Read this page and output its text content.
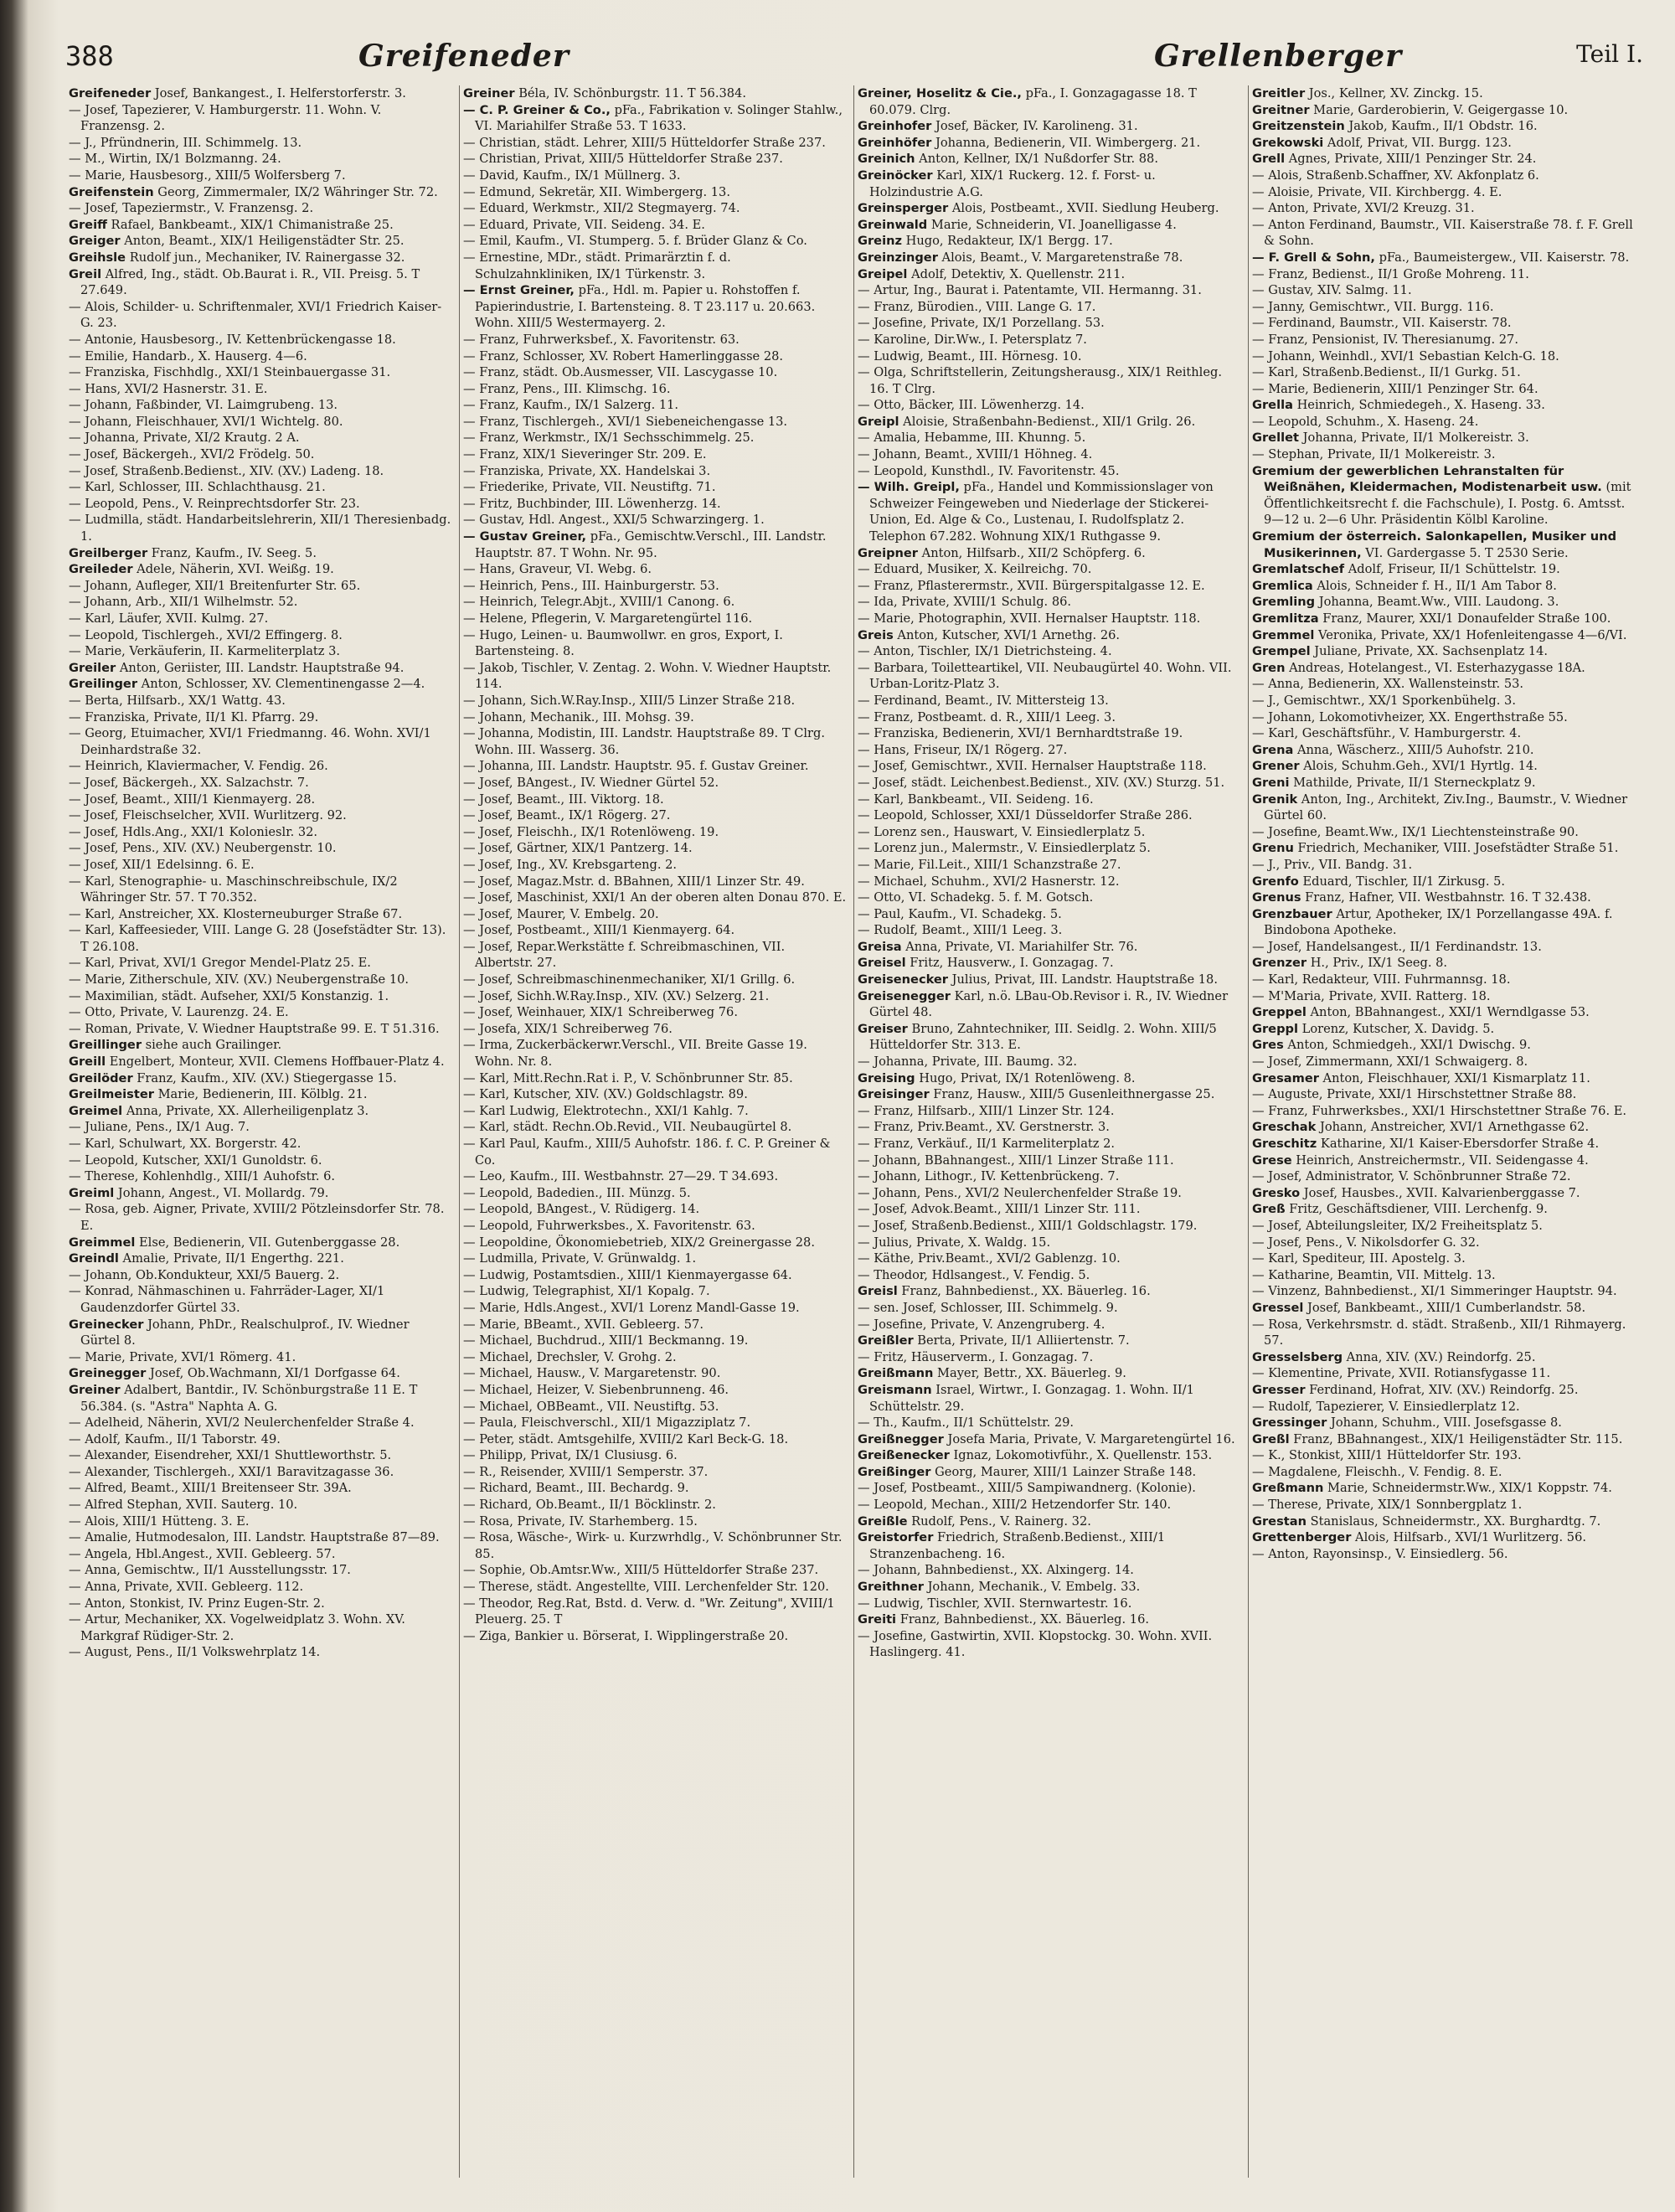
388	Greifeneder	Grellenberger	Teil I.
Greifeneder Josef, Bankangest., I. Helferstorferstr. 3.
— Josef, Tapezierer, V. Hamburgerstr. 11. Wohn. V. Franzensg. 2.
— J., Pfründnerin, III. Schimmelg. 13.
— M., Wirtin, IX/1 Bolzmanng. 24.
— Marie, Hausbesorg., XIII/5 Wolfersberg 7.
Greifenstein Georg, Zimmermaler, IX/2 Währinger Str. 72.
— Josef, Tapeziermstr., V. Franzensg. 2.
Greiff Rafael, Bankbeamt., XIX/1 Chimanistraße 25.
Greiger Anton, Beamt., XIX/1 Heiligenstädter Str. 25.
Greihsle Rudolf jun., Mechaniker, IV. Rainergasse 32.
Greil Alfred, Ing., städt. Ob.Baurat i. R., VII. Preisg. 5. T 27.649.
— Alois, Schilder- u. Schriftenmaler, XVI/1 Friedrich Kaiser-G. 23.
— Antonie, Hausbesorg., IV. Kettenbrückengasse 18.
— Emilie, Handarb., X. Hauserg. 4—6.
— Franziska, Fischhdlg., XXI/1 Steinbauergasse 31.
— Hans, XVI/2 Hasnerstr. 31. E.
— Johann, Faßbinder, VI. Laimgrubeng. 13.
— Johann, Fleischhauer, XVI/1 Wichtelg. 80.
— Johanna, Private, XI/2 Krautg. 2 A.
— Josef, Bäckergeh., XVI/2 Frödelg. 50.
— Josef, Straßenb.Bedienst., XIV. (XV.) Ladeng. 18.
— Karl, Schlosser, III. Schlachthausg. 21.
— Leopold, Pens., V. Reinprechtsdorfer Str. 23.
— Ludmilla, städt. Handarbeitslehrerin, XII/1 Theresienbadg. 1.
Greilberger Franz, Kaufm., IV. Seeg. 5.
Greileder Adele, Näherin, XVI. Weißg. 19.
— Johann, Aufleger, XII/1 Breitenfurter Str. 65.
— Johann, Arb., XII/1 Wilhelmstr. 52.
— Karl, Läufer, XVII. Kulmg. 27.
— Leopold, Tischlergeh., XVI/2 Effingerg. 8.
— Marie, Verkäuferin, II. Karmeliterplatz 3.
Greiler Anton, Geriister, III. Landstr. Hauptstraße 94.
Greilinger Anton, Schlosser, XV. Clementinengasse 2—4.
— Berta, Hilfsarb., XX/1 Wattg. 43.
— Franziska, Private, II/1 Kl. Pfarrg. 29.
— Georg, Etuimacher, XVI/1 Friedmanng. 46. Wohn. XVI/1 Deinhardstraße 32.
— Heinrich, Klaviermacher, V. Fendig. 26.
— Josef, Bäckergeh., XX. Salzachstr. 7.
— Josef, Beamt., XIII/1 Kienmayerg. 28.
— Josef, Fleischselcher, XVII. Wurlitzerg. 92.
— Josef, Hdls.Ang., XXI/1 Kolonieslr. 32.
— Josef, Pens., XIV. (XV.) Neubergenstr. 10.
— Josef, XII/1 Edelsinng. 6. E.
— Karl, Stenographie- u. Maschinschreibschule, IX/2 Währinger Str. 57. T 70.352.
— Karl, Anstreicher, XX. Klosterneuburger Straße 67.
— Karl, Kaffeesieder, VIII. Lange G. 28 (Josefstädter Str. 13). T 26.108.
— Karl, Privat, XVI/1 Gregor Mendel-Platz 25. E.
— Marie, Zitherschule, XIV. (XV.) Neubergenstraße 10.
— Maximilian, städt. Aufseher, XXI/5 Konstanzig. 1.
— Otto, Private, V. Laurenzg. 24. E.
— Roman, Private, V. Wiedner Hauptstraße 99. E. T 51.316.
Greillinger siehe auch Grailinger.
Greill Engelbert, Monteur, XVII. Clemens Hoffbauer-Platz 4.
Greilöder Franz, Kaufm., XIV. (XV.) Stiegergasse 15.
Greilmeister Marie, Bedienerin, III. Kölblg. 21.
Greimel Anna, Private, XX. Allerheiligenplatz 3.
— Juliane, Pens., IX/1 Aug. 7.
— Karl, Schulwart, XX. Borgerstr. 42.
— Leopold, Kutscher, XXI/1 Gunoldstr. 6.
— Therese, Kohlenhdlg., XIII/1 Auhofstr. 6.
Greiml Johann, Angest., VI. Mollardg. 79.
— Rosa, geb. Aigner, Private, XVIII/2 Pötzleinsdorfer Str. 78. E.
Greimmel Else, Bedienerin, VII. Gutenberggasse 28.
Greindl Amalie, Private, II/1 Engerthg. 221.
— Johann, Ob.Kondukteur, XXI/5 Bauerg. 2.
— Konrad, Nähmaschinen u. Fahrräder-Lager, XI/1 Gaudenzdorfer Gürtel 33.
Greinecker Johann, PhDr., Realschulprof., IV. Wiedner Gürtel 8.
— Marie, Private, XVI/1 Römerg. 41.
Greinegger Josef, Ob.Wachmann, XI/1 Dorfgasse 64.
Greiner Adalbert, Bantdir., IV. Schönburgstraße 11 E. T 56.384. (s. "Astra" Naphta A. G.
— Adelheid, Näherin, XVI/2 Neulerchenfelder Straße 4.
— Adolf, Kaufm., II/1 Taborstr. 49.
— Alexander, Eisendreher, XXI/1 Shuttleworthstr. 5.
— Alexander, Tischlergeh., XXI/1 Baravitzagasse 36.
— Alfred, Beamt., XIII/1 Breitenseer Str. 39A.
— Alfred Stephan, XVII. Sauterg. 10.
— Alois, XIII/1 Hütteng. 3. E.
— Amalie, Hutmodesalon, III. Landstr. Hauptstraße 87—89.
— Angela, Hbl.Angest., XVII. Gebleerg. 57.
— Anna, Gemischtw., II/1 Ausstellungsstr. 17.
— Anna, Private, XVII. Gebleerg. 112.
— Anton, Stonkist, IV. Prinz Eugen-Str. 2.
— Artur, Mechaniker, XX. Vogelweidplatz 3. Wohn. XV. Markgraf Rüdiger-Str. 2.
— August, Pens., II/1 Volkswehrplatz 14.
Greiner Béla, IV. Schönburgstr. 11. T 56.384.
— C. P. Greiner & Co., pFa., Fabrikation v. Solinger Stahlw., VI. Mariahilfer Straße 53. T 1633.
— Christian, städt. Lehrer, XIII/5 Hütteldorfer Straße 237.
— Christian, Privat, XIII/5 Hütteldorfer Straße 237.
— David, Kaufm., IX/1 Müllnerg. 3.
— Edmund, Sekretär, XII. Wimbergerg. 13.
— Eduard, Werkmstr., XII/2 Stegmayerg. 74.
— Eduard, Private, VII. Seideng. 34. E.
— Emil, Kaufm., VI. Stumperg. 5. f. Brüder Glanz & Co.
— Ernestine, MDr., städt. Primarärztin f. d. Schulzahnkliniken, IX/1 Türkenstr. 3.
— Ernst Greiner, pFa., Hdl. m. Papier u. Rohstoffen f. Papierindustrie, I. Bartensteing. 8. T 23.117 u. 20.663. Wohn. XIII/5 Westermayerg. 2.
— Franz, Fuhrwerksbef., X. Favoritenstr. 63.
— Franz, Schlosser, XV. Robert Hamerlinggasse 28.
— Franz, städt. Ob.Ausmesser, VII. Lascygasse 10.
— Franz, Pens., III. Klimschg. 16.
— Franz, Kaufm., IX/1 Salzerg. 11.
— Franz, Tischlergeh., XVI/1 Siebeneichengasse 13.
— Franz, Werkmstr., IX/1 Sechsschimmelg. 25.
— Franz, XIX/1 Sieveringer Str. 209. E.
— Franziska, Private, XX. Handelskai 3.
— Friederike, Private, VII. Neustiftg. 71.
— Fritz, Buchbinder, III. Löwenherzg. 14.
— Gustav, Hdl. Angest., XXI/5 Schwarzingerg. 1.
— Gustav Greiner, pFa., Gemischtw.Verschl., III. Landstr. Hauptstr. 87. T Wohn. Nr. 95.
— Hans, Graveur, VI. Webg. 6.
— Heinrich, Pens., III. Hainburgerstr. 53.
— Heinrich, Telegr.Abjt., XVIII/1 Canong. 6.
— Helene, Pflegerin, V. Margaretengürtel 116.
— Hugo, Leinen- u. Baumwollwr. en gros, Export, I. Bartensteing. 8.
— Jakob, Tischler, V. Zentag. 2. Wohn. V. Wiedner Hauptstr. 114.
— Johann, Sich.W.Ray.Insp., XIII/5 Linzer Straße 218.
— Johann, Mechanik., III. Mohsg. 39.
— Johanna, Modistin, III. Landstr. Hauptstraße 89. T Clrg. Wohn. III. Wasserg. 36.
— Johanna, III. Landstr. Hauptstr. 95. f. Gustav Greiner.
— Josef, BAngest., IV. Wiedner Gürtel 52.
— Josef, Beamt., III. Viktorg. 18.
— Josef, Beamt., IX/1 Rögerg. 27.
— Josef, Fleischh., IX/1 Rotenlöweng. 19.
— Josef, Gärtner, XIX/1 Pantzerg. 14.
— Josef, Ing., XV. Krebsgarteng. 2.
— Josef, Magaz.Mstr. d. BBahnen, XIII/1 Linzer Str. 49.
— Josef, Maschinist, XXI/1 An der oberen alten Donau 870. E.
— Josef, Maurer, V. Embelg. 20.
— Josef, Postbeamt., XIII/1 Kienmayerg. 64.
— Josef, Repar.Werkstätte f. Schreibmaschinen, VII. Albertstr. 27.
— Josef, Schreibmaschinenmechaniker, XI/1 Grillg. 6.
— Josef, Sichh.W.Ray.Insp., XIV. (XV.) Selzerg. 21.
— Josef, Weinhauer, XIX/1 Schreiberweg 76.
— Josefa, XIX/1 Schreiberweg 76.
— Irma, Zuckerbäckerwr.Verschl., VII. Breite Gasse 19. Wohn. Nr. 8.
— Karl, Mitt.Rechn.Rat i. P., V. Schönbrunner Str. 85.
— Karl, Kutscher, XIV. (XV.) Goldschlagstr. 89.
— Karl Ludwig, Elektrotechn., XXI/1 Kahlg. 7.
— Karl, städt. Rechn.Ob.Revid., VII. Neubaugürtel 8.
— Karl Paul, Kaufm., XIII/5 Auhofstr. 186. f. C. P. Greiner & Co.
— Leo, Kaufm., III. Westbahnstr. 27—29. T 34.693.
— Leopold, Badedien., III. Münzg. 5.
— Leopold, BAngest., V. Rüdigerg. 14.
— Leopold, Fuhrwerksbes., X. Favoritenstr. 63.
— Leopoldine, Ökonomiebetrieb, XIX/2 Greinergasse 28.
— Ludmilla, Private, V. Grünwaldg. 1.
— Ludwig, Postamtsdien., XIII/1 Kienmayergasse 64.
— Ludwig, Telegraphist, XI/1 Kopalg. 7.
— Marie, Hdls.Angest., XVI/1 Lorenz Mandl-Gasse 19.
— Marie, BBeamt., XVII. Gebleerg. 57.
— Michael, Buchdrud., XIII/1 Beckmanng. 19.
— Michael, Drechsler, V. Grohg. 2.
— Michael, Hausw., V. Margaretenstr. 90.
— Michael, Heizer, V. Siebenbrunneng. 46.
— Michael, OBBeamt., VII. Neustiftg. 53.
— Paula, Fleischverschl., XII/1 Migazziplatz 7.
— Peter, städt. Amtsgehilfe, XVIII/2 Karl Beck-G. 18.
— Philipp, Privat, IX/1 Clusiusg. 6.
— R., Reisender, XVIII/1 Semperstr. 37.
— Richard, Beamt., III. Bechardg. 9.
— Richard, Ob.Beamt., II/1 Böcklinstr. 2.
— Rosa, Private, IV. Starhemberg. 15.
— Rosa, Wäsche-, Wirk- u. Kurzwrhdlg., V. Schönbrunner Str. 85.
— Sophie, Ob.Amtsr.Ww., XIII/5 Hütteldorfer Straße 237.
— Therese, städt. Angestellte, VIII. Lerchenfelder Str. 120.
— Theodor, Reg.Rat, Bstd. d. Verw. d. "Wr. Zeitung", XVIII/1 Pleuerg. 25. T
— Ziga, Bankier u. Börserat, I. Wipplingerstraße 20.
Greiner, Hoselitz & Cie., pFa., I. Gonzagagasse 18. T 60.079. Clrg.
Greinhofer Josef, Bäcker, IV. Karolineng. 31.
Greinhöfer Johanna, Bedienerin, VII. Wimbergerg. 21.
Greinich Anton, Kellner, IX/1 Nußdorfer Str. 88.
Greinöcker Karl, XIX/1 Ruckerg. 12. f. Forst- u. Holzindustrie A.G.
Greinsperger Alois, Postbeamt., XVII. Siedlung Heuberg.
Greinwald Marie, Schneiderin, VI. Joanelligasse 4.
Greinz Hugo, Redakteur, IX/1 Bergg. 17.
Greinzinger Alois, Beamt., V. Margaretenstraße 78.
Greipel Adolf, Detektiv, X. Quellenstr. 211.
— Artur, Ing., Baurat i. Patentamte, VII. Hermanng. 31.
— Franz, Bürodien., VIII. Lange G. 17.
— Josefine, Private, IX/1 Porzellang. 53.
— Karoline, Dir.Ww., I. Petersplatz 7.
— Ludwig, Beamt., III. Hörnesg. 10.
— Olga, Schriftstellerin, Zeitungsherausg., XIX/1 Reithleg. 16. T Clrg.
— Otto, Bäcker, III. Löwenherzg. 14.
Greipl Aloisie, Straßenbahn-Bedienst., XII/1 Grilg. 26.
— Amalia, Hebamme, III. Khunng. 5.
— Johann, Beamt., XVIII/1 Höhneg. 4.
— Leopold, Kunsthdl., IV. Favoritenstr. 45.
— Wilh. Greipl, pFa., Handel und Kommissionslager von Schweizer Feingeweben und Niederlage der Stickerei-Union, Ed. Alge & Co., Lustenau, I. Rudolfsplatz 2. Telephon 67.282. Wohnung XIX/1 Ruthgasse 9.
Greipner Anton, Hilfsarb., XII/2 Schöpferg. 6.
— Eduard, Musiker, X. Keilreichg. 70.
— Franz, Pflasterermstr., XVII. Bürgerspitalgasse 12. E.
— Ida, Private, XVIII/1 Schulg. 86.
— Marie, Photographin, XVII. Hernalser Hauptstr. 118.
Greis Anton, Kutscher, XVI/1 Arnethg. 26.
— Anton, Tischler, IX/1 Dietrichsteing. 4.
— Barbara, Toiletteartikel, VII. Neubaugürtel 40. Wohn. VII. Urban-Loritz-Platz 3.
— Ferdinand, Beamt., IV. Mittersteig 13.
— Franz, Postbeamt. d. R., XIII/1 Leeg. 3.
— Franziska, Bedienerin, XVI/1 Bernhardtstraße 19.
— Hans, Friseur, IX/1 Rögerg. 27.
— Josef, Gemischtwr., XVII. Hernalser Hauptstraße 118.
— Josef, städt. Leichenbest.Bedienst., XIV. (XV.) Sturzg. 51.
— Karl, Bankbeamt., VII. Seideng. 16.
— Leopold, Schlosser, XXI/1 Düsseldorfer Straße 286.
— Lorenz sen., Hauswart, V. Einsiedlerplatz 5.
— Lorenz jun., Malermstr., V. Einsiedlerplatz 5.
— Marie, Fil.Leit., XIII/1 Schanzstraße 27.
— Michael, Schuhm., XVI/2 Hasnerstr. 12.
— Otto, VI. Schadekg. 5. f. M. Gotsch.
— Paul, Kaufm., VI. Schadekg. 5.
— Rudolf, Beamt., XIII/1 Leeg. 3.
Greisa Anna, Private, VI. Mariahilfer Str. 76.
Greisel Fritz, Hausverw., I. Gonzagag. 7.
Greisenecker Julius, Privat, III. Landstr. Hauptstraße 18.
Greisenegger Karl, n.ö. LBau-Ob.Revisor i. R., IV. Wiedner Gürtel 48.
Greiser Bruno, Zahntechniker, III. Seidlg. 2. Wohn. XIII/5 Hütteldorfer Str. 313. E.
— Johanna, Private, III. Baumg. 32.
Greising Hugo, Privat, IX/1 Rotenlöweng. 8.
Greisinger Franz, Hausw., XIII/5 Gusenleithnergasse 25.
— Franz, Hilfsarb., XIII/1 Linzer Str. 124.
— Franz, Priv.Beamt., XV. Gerstnerstr. 3.
— Franz, Verkäuf., II/1 Karmeliterplatz 2.
— Johann, BBahnangest., XIII/1 Linzer Straße 111.
— Johann, Lithogr., IV. Kettenbrückeng. 7.
— Johann, Pens., XVI/2 Neulerchenfelder Straße 19.
— Josef, Advok.Beamt., XIII/1 Linzer Str. 111.
— Josef, Straßenb.Bedienst., XIII/1 Goldschlagstr. 179.
— Julius, Private, X. Waldg. 15.
— Käthe, Priv.Beamt., XVI/2 Gablenzg. 10.
— Theodor, Hdlsangest., V. Fendig. 5.
Greisl Franz, Bahnbedienst., XX. Bäuerleg. 16.
— sen. Josef, Schlosser, III. Schimmelg. 9.
— Josefine, Private, V. Anzengruberg. 4.
Greißler Berta, Private, II/1 Alliiertenstr. 7.
— Fritz, Häuserverm., I. Gonzagag. 7.
Greißmann Mayer, Bettr., XX. Bäuerleg. 9.
Greismann Israel, Wirtwr., I. Gonzagag. 1. Wohn. II/1 Schüttelstr. 29.
— Th., Kaufm., II/1 Schüttelstr. 29.
Greißnegger Josefa Maria, Private, V. Margaretengürtel 16.
Greißenecker Ignaz, Lokomotivführ., X. Quellenstr. 153.
Greißinger Georg, Maurer, XIII/1 Lainzer Straße 148.
— Josef, Postbeamt., XIII/5 Sampiwandnerg. (Kolonie).
— Leopold, Mechan., XIII/2 Hetzendorfer Str. 140.
Greißle Rudolf, Pens., V. Rainerg. 32.
Greistorfer Friedrich, Straßenb.Bedienst., XIII/1 Stranzenbacheng. 16.
— Johann, Bahnbedienst., XX. Alxingerg. 14.
Greithner Johann, Mechanik., V. Embelg. 33.
— Ludwig, Tischler, XVII. Sternwartestr. 16.
Greiti Franz, Bahnbedienst., XX. Bäuerleg. 16.
— Josefine, Gastwirtin, XVII. Klopstockg. 30. Wohn. XVII. Haslingerg. 41.
Greitler Jos., Kellner, XV. Zinckg. 15.
Greitner Marie, Garderobierin, V. Geigergasse 10.
Greitzenstein Jakob, Kaufm., II/1 Obdstr. 16.
Grekowski Adolf, Privat, VII. Burgg. 123.
Grell Agnes, Private, XIII/1 Penzinger Str. 24.
— Alois, Straßenb.Schaffner, XV. Akfonplatz 6.
— Aloisie, Private, VII. Kirchbergg. 4. E.
— Anton, Private, XVI/2 Kreuzg. 31.
— Anton Ferdinand, Baumstr., VII. Kaiserstraße 78. f. F. Grell & Sohn.
— F. Grell & Sohn, pFa., Baumeistergew., VII. Kaiserstr. 78.
— Franz, Bedienst., II/1 Große Mohreng. 11.
— Gustav, XIV. Salmg. 11.
— Janny, Gemischtwr., VII. Burgg. 116.
— Ferdinand, Baumstr., VII. Kaiserstr. 78.
— Franz, Pensionist, IV. Theresianumg. 27.
— Johann, Weinhdl., XVI/1 Sebastian Kelch-G. 18.
— Karl, Straßenb.Bedienst., II/1 Gurkg. 51.
— Marie, Bedienerin, XIII/1 Penzinger Str. 64.
Grella Heinrich, Schmiedegeh., X. Haseng. 33.
— Leopold, Schuhm., X. Haseng. 24.
Grellet Johanna, Private, II/1 Molkereistr. 3.
— Stephan, Private, II/1 Molkereistr. 3.
Gremium der gewerblichen Lehranstalten für Weißnähen, Kleidermachen, Modistenarbeit usw. (mit Öffentlichkeitsrecht f. die Fachschule), I. Postg. 6. Amtsst. 9—12 u. 2—6 Uhr. Präsidentin Kölbl Karoline.
Gremium der österreich. Salonkapellen, Musiker und Musikerinnen, VI. Gardergasse 5. T 2530 Serie.
Gremlatschef Adolf, Friseur, II/1 Schüttelstr. 19.
Gremlica Alois, Schneider f. H., II/1 Am Tabor 8.
Gremling Johanna, Beamt.Ww., VIII. Laudong. 3.
Gremlitza Franz, Maurer, XXI/1 Donaufelder Straße 100.
Gremmel Veronika, Private, XX/1 Hofenleitengasse 4—6/VI.
Grempel Juliane, Private, XX. Sachsenplatz 14.
Gren Andreas, Hotelangest., VI. Esterhazygasse 18A.
— Anna, Bedienerin, XX. Wallensteinstr. 53.
— J., Gemischtwr., XX/1 Sporkenbühelg. 3.
— Johann, Lokomotivheizer, XX. Engerthstraße 55.
— Karl, Geschäftsführ., V. Hamburgerstr. 4.
Grena Anna, Wäscherz., XIII/5 Auhofstr. 210.
Grener Alois, Schuhm.Geh., XVI/1 Hyrtlg. 14.
Greni Mathilde, Private, II/1 Sterneckplatz 9.
Grenik Anton, Ing., Architekt, Ziv.Ing., Baumstr., V. Wiedner Gürtel 60.
— Josefine, Beamt.Ww., IX/1 Liechtensteinstraße 90.
Grenu Friedrich, Mechaniker, VIII. Josefstädter Straße 51.
— J., Priv., VII. Bandg. 31.
Grenfo Eduard, Tischler, II/1 Zirkusg. 5.
Grenus Franz, Hafner, VII. Westbahnstr. 16. T 32.438.
Grenzbauer Artur, Apotheker, IX/1 Porzellangasse 49A. f. Bindobona Apotheke.
— Josef, Handelsangest., II/1 Ferdinandstr. 13.
Grenzer H., Priv., IX/1 Seeg. 8.
— Karl, Redakteur, VIII. Fuhrmannsg. 18.
— M'Maria, Private, XVII. Ratterg. 18.
Greppel Anton, BBahnangest., XXI/1 Werndlgasse 53.
Greppl Lorenz, Kutscher, X. Davidg. 5.
Gres Anton, Schmiedgeh., XXI/1 Dwischg. 9.
— Josef, Zimmermann, XXI/1 Schwaigerg. 8.
Gresamer Anton, Fleischhauer, XXI/1 Kismarplatz 11.
— Auguste, Private, XXI/1 Hirschstettner Straße 88.
— Franz, Fuhrwerksbes., XXI/1 Hirschstettner Straße 76. E.
Greschak Johann, Anstreicher, XVI/1 Arnethgasse 62.
Greschitz Katharine, XI/1 Kaiser-Ebersdorfer Straße 4.
Grese Heinrich, Anstreichermstr., VII. Seidengasse 4.
— Josef, Administrator, V. Schönbrunner Straße 72.
Gresko Josef, Hausbes., XVII. Kalvarienberggasse 7.
Greß Fritz, Geschäftsdiener, VIII. Lerchenfg. 9.
— Josef, Abteilungsleiter, IX/2 Freiheitsplatz 5.
— Josef, Pens., V. Nikolsdorfer G. 32.
— Karl, Spediteur, III. Apostelg. 3.
— Katharine, Beamtin, VII. Mittelg. 13.
— Vinzenz, Bahnbedienst., XI/1 Simmeringer Hauptstr. 94.
Gressel Josef, Bankbeamt., XIII/1 Cumberlandstr. 58.
— Rosa, Verkehrsmstr. d. städt. Straßenb., XII/1 Rihmayerg. 57.
Gresselsberg Anna, XIV. (XV.) Reindorfg. 25.
— Klementine, Private, XVII. Rotiansfygasse 11.
Gresser Ferdinand, Hofrat, XIV. (XV.) Reindorfg. 25.
— Rudolf, Tapezierer, V. Einsiedlerplatz 12.
Gressinger Johann, Schuhm., VIII. Josefsgasse 8.
Greßl Franz, BBahnangest., XIX/1 Heiligenstädter Str. 115.
— K., Stonkist, XIII/1 Hütteldorfer Str. 193.
— Magdalene, Fleischh., V. Fendig. 8. E.
Greßmann Marie, Schneidermstr.Ww., XIX/1 Koppstr. 74.
— Therese, Private, XIX/1 Sonnbergplatz 1.
Grestan Stanislaus, Schneidermstr., XX. Burghardtg. 7.
Grettenberger Alois, Hilfsarb., XVI/1 Wurlitzerg. 56.
— Anton, Rayonsinsp., V. Einsiedlerg. 56.
